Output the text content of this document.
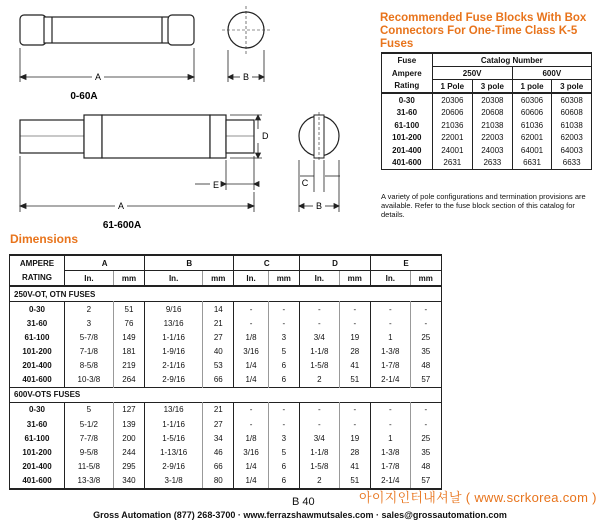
A
0-60A
B
D
E
A
61-600A
B
C
Recommended Fuse Blocks With Box
Connectors For One-Time Class K-5 Fuses
Fuse	Catalog Number			
Ampere	250V		600V	
Rating	1 Pole	3 pole	1 pole	3 pole
0-30	20306	20308	60306	60308
31-60	20606	20608	60606	60608
61-100	21036	21038	61036	61038
101-200	22001	22003	62001	62003
201-400	24001	24003	64001	64003
401-600	2631	2633	6631	6633
A variety of pole configurations and termination provisions are available. Refer to the fuse block section of this catalog for details.
Dimensions
AMPERE	A		B		C		D		E	
RATING	In.	mm	In.	mm	In.	mm	In.	mm	In.	mm
250V-OT, OTN FUSES										
0-30	2	51	9/16	14	-	-	-	-	-	-
31-60	3	76	13/16	21	-	-	-	-	-	-
61-100	5-7/8	149	1-1/16	27	1/8	3	3/4	19	1	25
101-200	7-1/8	181	1-9/16	40	3/16	5	1-1/8	28	1-3/8	35
201-400	8-5/8	219	2-1/16	53	1/4	6	1-5/8	41	1-7/8	48
401-600	10-3/8	264	2-9/16	66	1/4	6	2	51	2-1/4	57
600V-OTS FUSES										
0-30	5	127	13/16	21	-	-	-	-	-	-
31-60	5-1/2	139	1-1/16	27	-	-	-	-	-	-
61-100	7-7/8	200	1-5/16	34	1/8	3	3/4	19	1	25
101-200	9-5/8	244	1-13/16	46	3/16	5	1-1/8	28	1-3/8	35
201-400	11-5/8	295	2-9/16	66	1/4	6	1-5/8	41	1-7/8	48
401-600	13-3/8	340	3-1/8	80	1/4	6	2	51	2-1/4	57
B 40	아이지인터내셔날 ( www.scrkorea.com )
Gross Automation (877) 268-3700 · www.ferrazshawmutsales.com · sales@grossautomation.com
